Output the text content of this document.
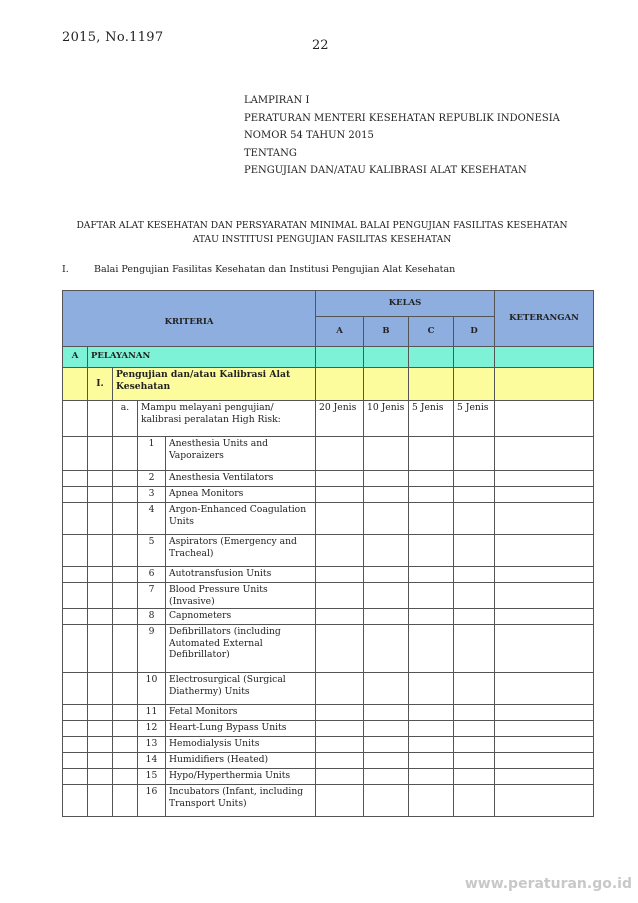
2015, No.1197
22
LAMPIRAN I
PERATURAN MENTERI KESEHATAN REPUBLIK INDONESIA
NOMOR 54 TAHUN 2015
TENTANG
PENGUJIAN DAN/ATAU KALIBRASI ALAT KESEHATAN
DAFTAR ALAT KESEHATAN DAN PERSYARATAN MINIMAL BALAI PENGUJIAN FASILITAS KESEHATAN
ATAU INSTITUSI PENGUJIAN FASILITAS KESEHATAN
I.	Balai Pengujian Fasilitas Kesehatan dan Institusi Pengujian Alat Kesehatan
KRITERIA					KELAS				KETERANGAN
					A	B	C	D	
A	PELAYANAN								
	I.	Pengujian dan/atau Kalibrasi Alat Kesehatan							
		a.	Mampu melayani pengujian/ kalibrasi peralatan High Risk:		20 Jenis	10 Jenis	5 Jenis	5 Jenis	
			1	Anesthesia Units and Vaporaizers					
			2	Anesthesia Ventilators					
			3	Apnea Monitors					
			4	Argon-Enhanced Coagulation Units					
			5	Aspirators (Emergency and Tracheal)					
			6	Autotransfusion Units					
			7	Blood Pressure Units (Invasive)					
			8	Capnometers					
			9	Defibrillators (including Automated External Defibrillator)					
			10	Electrosurgical (Surgical Diathermy) Units					
			11	Fetal Monitors					
			12	Heart-Lung Bypass Units					
			13	Hemodialysis Units					
			14	Humidifiers (Heated)					
			15	Hypo/Hyperthermia Units					
			16	Incubators (Infant, including Transport Units)					
www.peraturan.go.id
